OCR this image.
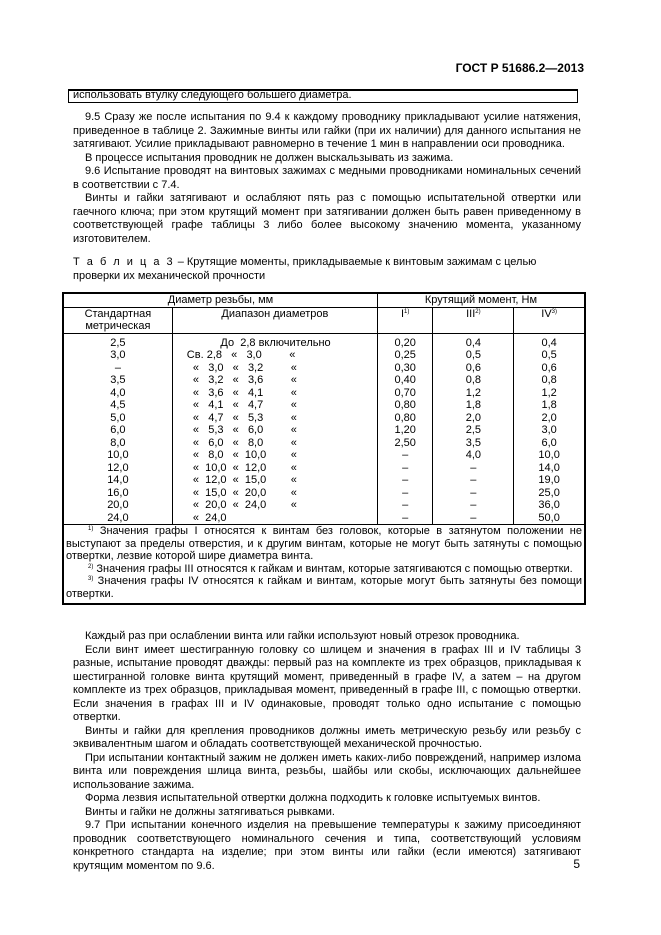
ГОСТ Р 51686.2—2013
использовать втулку следующего большего диаметра.

9.5 Сразу же после испытания по 9.4 к каждому проводнику прикладывают усилие натяжения, приведенное в таблице 2. Зажимные винты или гайки (при их наличии) для данного испытания не затягивают. Усилие прикладывают равномерно в течение 1 мин в направлении оси проводника.

В процессе испытания проводник не должен выскальзывать из зажима.

9.6 Испытание проводят на винтовых зажимах с медными проводниками номинальных сечений в соответствии с 7.4.

Винты и гайки затягивают и ослабляют пять раз с помощью испытательной отвертки или гаечного ключа; при этом крутящий момент при затягивании должен быть равен приведенному в соответствующей графе таблицы 3 либо более высокому значению момента, указанному изготовителем.

Т а б л и ц а 3 – Крутящие моменты, прикладываемые к винтовым зажимам с целью проверки их механической прочности
Диаметр резьбы, мм		Крутящий момент, Нм		
Стандартная метрическая	Диапазон диаметров	$I^{1)}$	III$^{2)}$	IV$^{3)}$
2,5	До  2,8 включительно	0,20	0,4	0,4
3,0	Св. 2,8   «   3,0         «	0,25	0,5	0,5
–	«   3,0   «   3,2         «	0,30	0,6	0,6
3,5	«   3,2   «   3,6         «	0,40	0,8	0,8
4,0	«   3,6   «   4,1         «	0,70	1,2	1,2
4,5	«   4,1   «   4,7         «	0,80	1,8	1,8
5,0	«   4,7   «   5,3         «	0,80	2,0	2,0
6,0	«   5,3   «   6,0         «	1,20	2,5	3,0
8,0	«   6,0   «   8,0         «	2,50	3,5	6,0
10,0	«   8,0   «  10,0        «	–	4,0	10,0
12,0	«  10,0  «  12,0        «	–	–	14,0
14,0	«  12,0  «  15,0        «	–	–	19,0
16,0	«  15,0  «  20,0        «	–	–	25,0
20,0	«  20,0  «  24,0        «	–	–	36,0
24,0	«  24,0	–	–	50,0

$^{1)}$ Значения графы I относятся к винтам без головок, которые в затянутом положении не выступают за пределы отверстия, и к другим винтам, которые не могут быть затянуты с помощью отвертки, лезвие которой шире диаметра винта.

$^{2)}$ Значения графы III относятся к гайкам и винтам, которые затягиваются с помощью отвертки.

$^{3)}$ Значения графы IV относятся к гайкам и винтам, которые могут быть затянуты без помощи отвертки.				

Каждый раз при ослаблении винта или гайки используют новый отрезок проводника.

Если винт имеет шестигранную головку со шлицем и значения в графах III и IV таблицы 3 разные, испытание проводят дважды: первый раз на комплекте из трех образцов, прикладывая к шестигранной головке винта крутящий момент, приведенный в графе IV, а затем – на другом комплекте из трех образцов, прикладывая момент, приведенный в графе III, с помощью отвертки. Если значения в графах III и IV одинаковые, проводят только одно испытание с помощью отвертки.

Винты и гайки для крепления проводников должны иметь метрическую резьбу или резьбу с эквивалентным шагом и обладать соответствующей механической прочностью.

При испытании контактный зажим не должен иметь каких-либо повреждений, например излома винта или повреждения шлица винта, резьбы, шайбы или скобы, исключающих дальнейшее использование зажима.

Форма лезвия испытательной отвертки должна подходить к головке испытуемых винтов.

Винты и гайки не должны затягиваться рывками.

9.7 При испытании конечного изделия на превышение температуры к зажиму присоединяют проводник соответствующего номинального сечения и типа, соответствующий условиям конкретного стандарта на изделие; при этом винты или гайки (если имеются) затягивают крутящим моментом по 9.6.	5
